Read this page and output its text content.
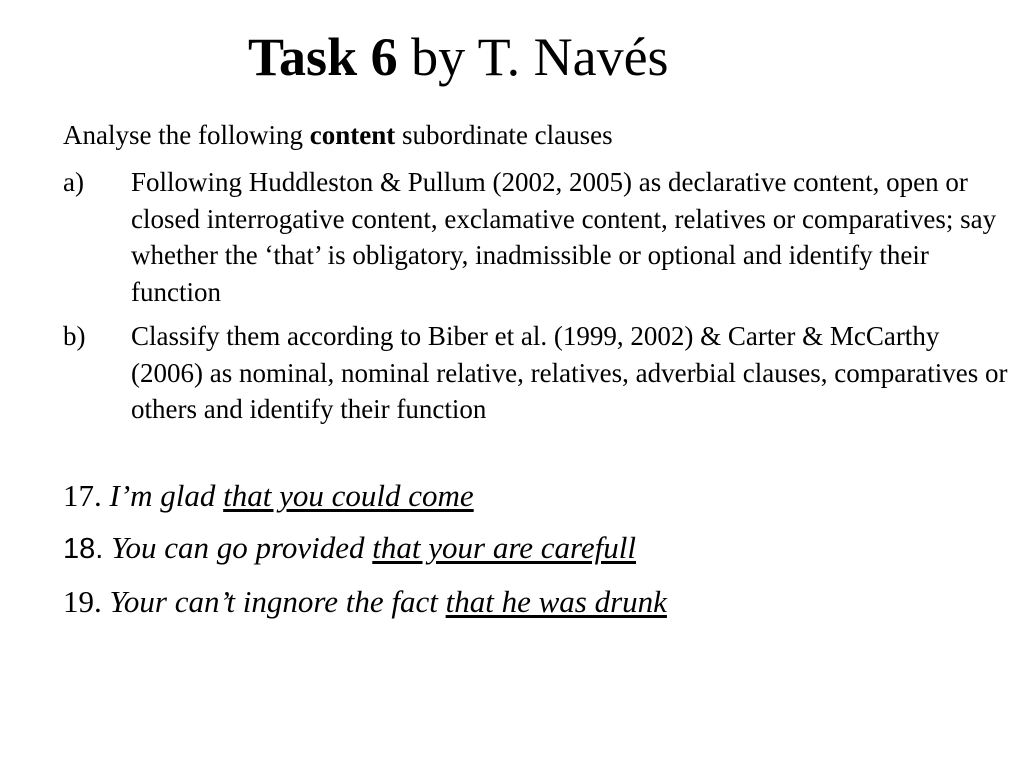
Task 6 by T. Navés
Analyse the following content subordinate clauses
a) Following Huddleston & Pullum (2002, 2005) as declarative content, open or closed interrogative content, exclamative content, relatives or comparatives; say whether the ‘that’ is obligatory, inadmissible or optional and identify their function
b) Classify them according to Biber et al. (1999, 2002) & Carter & McCarthy (2006) as nominal, nominal relative, relatives, adverbial clauses, comparatives or others and identify their function
17. I’m glad that you could come
18. You can go provided that your are carefull
19. Your can’t ingnore the fact that he was drunk
